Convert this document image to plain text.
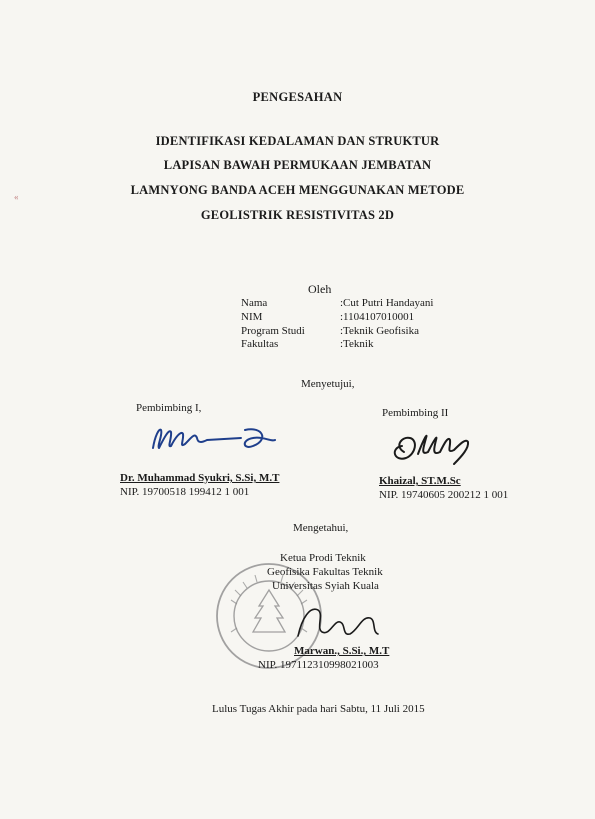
«
PENGESAHAN
IDENTIFIKASI KEDALAMAN DAN STRUKTUR
LAPISAN BAWAH PERMUKAAN JEMBATAN
LAMNYONG BANDA ACEH MENGGUNAKAN METODE
GEOLISTRIK RESISTIVITAS 2D
Oleh
Nama	:Cut Putri Handayani
NIM	:1104107010001
Program Studi	:Teknik Geofisika
Fakultas	:Teknik
Menyetujui,
Pembimbing I,	Pembimbing II
Dr. Muhammad Syukri, S.Si, M.T
NIP. 19700518 199412 1 001
Khaizal, ST.M.Sc
NIP. 19740605 200212 1 001
Mengetahui,
Ketua Prodi Teknik
Geofisika Fakultas Teknik
Universitas Syiah Kuala
Marwan., S.Si., M.T
NIP. 197112310998021003
Lulus Tugas Akhir pada hari Sabtu, 11 Juli 2015
